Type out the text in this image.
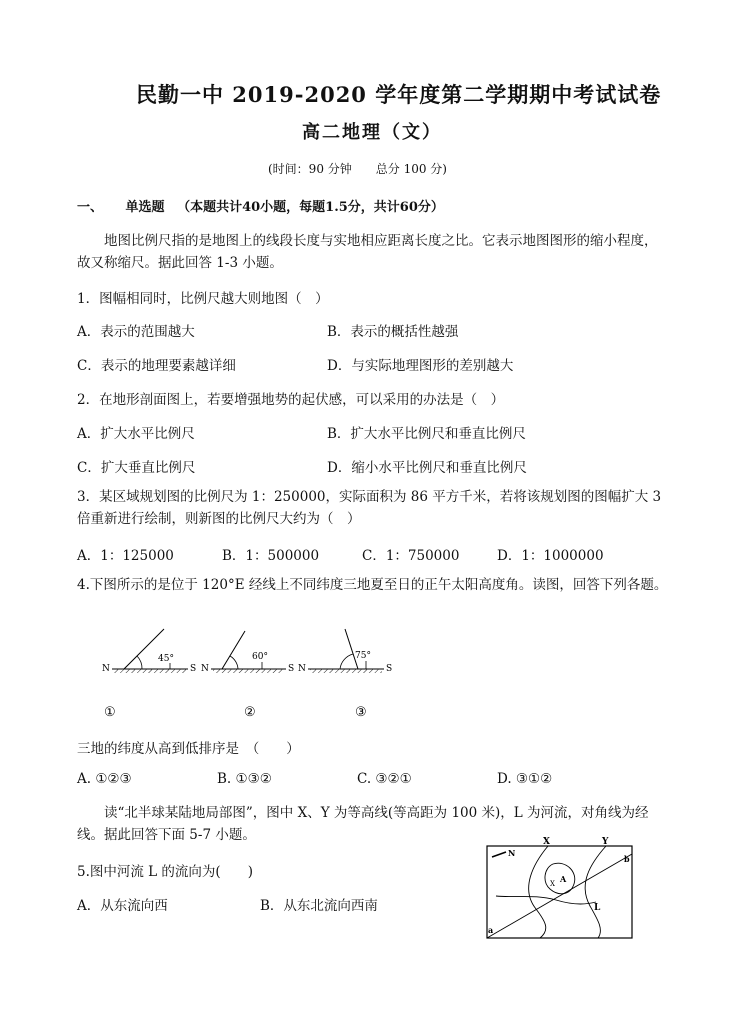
民勤一中 2019-2020 学年度第二学期期中考试试卷
高二地理（文）
(时间：90 分钟　　总分 100 分)
一、 单选题 （本题共计40小题，每题1.5分，共计60分）
地图比例尺指的是地图上的线段长度与实地相应距离长度之比。它表示地图图形的缩小程度，故又称缩尺。据此回答 1-3 小题。
1．图幅相同时，比例尺越大则地图（　）
A．表示的范围越大	B．表示的概括性越强
C．表示的地理要素越详细	D．与实际地理图形的差别越大
2．在地形剖面图上，若要增强地势的起伏感，可以采用的办法是（　）
A．扩大水平比例尺	B．扩大水平比例尺和垂直比例尺
C．扩大垂直比例尺	D．缩小水平比例尺和垂直比例尺
3．某区域规划图的比例尺为 1：250000，实际面积为 86 平方千米，若将该规划图的图幅扩大 3 倍重新进行绘制，则新图的比例尺大约为（　）
A．1：125000	B．1：500000	C．1：750000	D．1：1000000
4.下图所示的是位于 120°E 经线上不同纬度三地夏至日的正午太阳高度角。读图，回答下列各题。
N	S
45°
①
N	S
60°
②
N	S
75°
③
三地的纬度从高到低排序是　（　　）
A. ①②③	B. ①③②	C. ③②①	D. ③①②
读“北半球某陆地局部图”，图中 X、Y 为等高线(等高距为 100 米)，L 为河流，对角线为经线。据此回答下面 5-7 小题。
5.图中河流 L 的流向为(　　)
A．从东流向西	B．从东北流向西南
N
X	Y
X A
L
a
b
